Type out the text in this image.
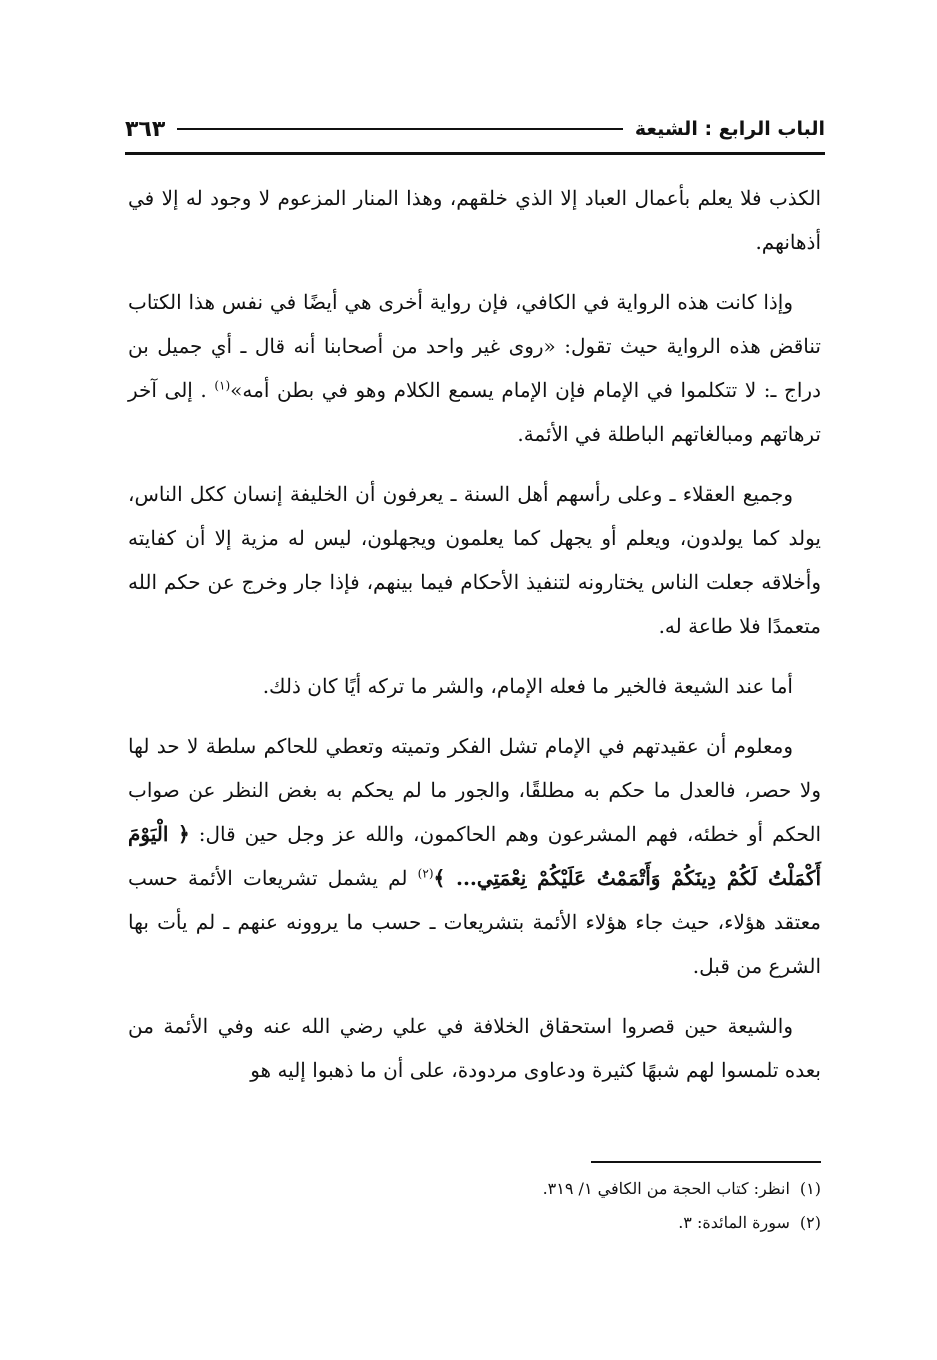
الباب الرابع : الشيعة
٣٦٣

الكذب فلا يعلم بأعمال العباد إلا الذي خلقهم، وهذا المنار المزعوم لا وجود له إلا في أذهانهم.

وإذا كانت هذه الرواية في الكافي، فإن رواية أخرى هي أيضًا في نفس هذا الكتاب تناقض هذه الرواية حيث تقول: «روى غير واحد من أصحابنا أنه قال ـ أي جميل بن دراج ـ: لا تتكلموا في الإمام فإن الإمام يسمع الكلام وهو في بطن أمه»$^{(١)}$ . إلى آخر ترهاتهم ومبالغاتهم الباطلة في الأئمة.

وجميع العقلاء ـ وعلى رأسهم أهل السنة ـ يعرفون أن الخليفة إنسان ككل الناس، يولد كما يولدون، ويعلم أو يجهل كما يعلمون ويجهلون، ليس له مزية إلا أن كفايته وأخلاقه جعلت الناس يختارونه لتنفيذ الأحكام فيما بينهم، فإذا جار وخرج عن حكم الله متعمدًا فلا طاعة له.

أما عند الشيعة فالخير ما فعله الإمام، والشر ما تركه أيًا كان ذلك.

ومعلوم أن عقيدتهم في الإمام تشل الفكر وتميته وتعطي للحاكم سلطة لا حد لها ولا حصر، فالعدل ما حكم به مطلقًا، والجور ما لم يحكم به بغض النظر عن صواب الحكم أو خطئه، فهم المشرعون وهم الحاكمون، والله عز وجل حين قال: ﴿ الْيَوْمَ أَكْمَلْتُ لَكُمْ دِينَكُمْ وَأَتْمَمْتُ عَلَيْكُمْ نِعْمَتِي... ﴾$^{(٢)}$ لم يشمل تشريعات الأئمة حسب معتقد هؤلاء، حيث جاء هؤلاء الأئمة بتشريعات ـ حسب ما يروونه عنهم ـ لم يأت بها الشرع من قبل.

والشيعة حين قصروا استحقاق الخلافة في علي رضي الله عنه وفي الأئمة من بعده تلمسوا لهم شبهًا كثيرة ودعاوى مردودة، على أن ما ذهبوا إليه هو

(١)انظر: كتاب الحجة من الكافي ١/ ٣١٩.
(٢)سورة المائدة: ٣.
